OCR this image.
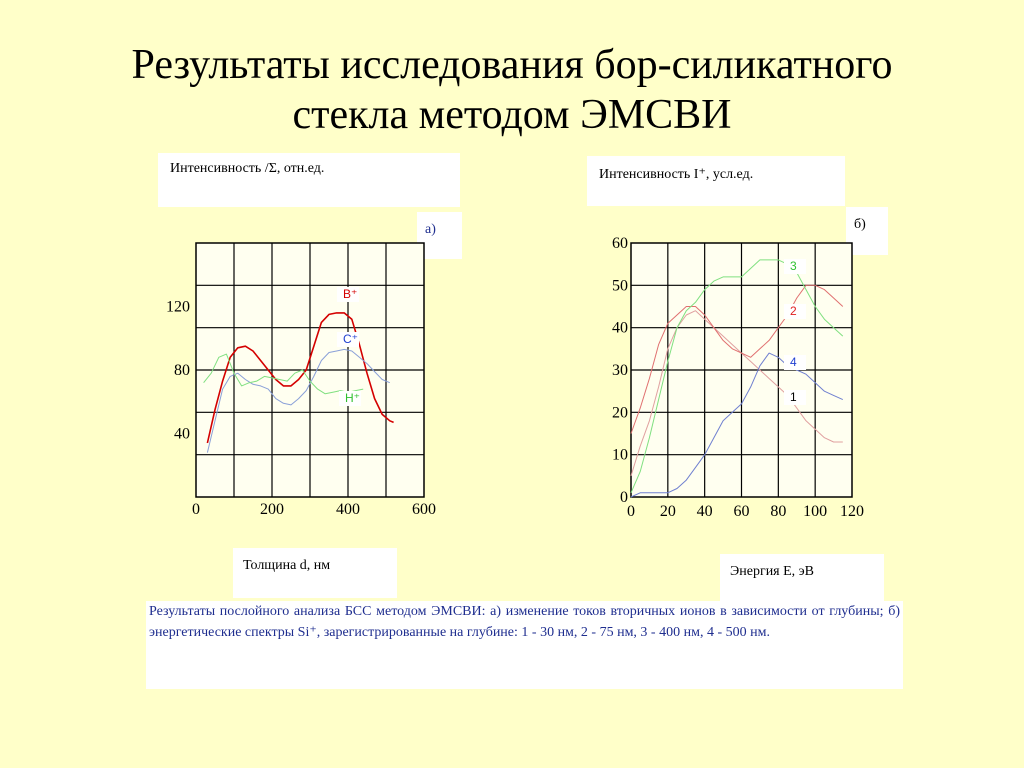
Результаты исследования бор-силикатного
стекла методом ЭМСВИ
Интенсивность /Σ, отн.ед.
а)
Интенсивность I⁺, усл.ед.
б)
Толщина d, нм	Энергия E, эВ
Результаты послойного анализа БСС методом ЭМСВИ: а) изменение токов вторичных ионов в зависимости от глубины; б) энергетические спектры Si⁺, зарегистрированные на глубине: 1 - 30 нм, 2 - 75 нм, 3 - 400 нм, 4 - 500 нм.
0	200	400	600
40
80
120
B⁺
C⁺
H⁺
0 20 40 60 80 100 120
0
10
20
30
40
50
60
1
2
3
4
